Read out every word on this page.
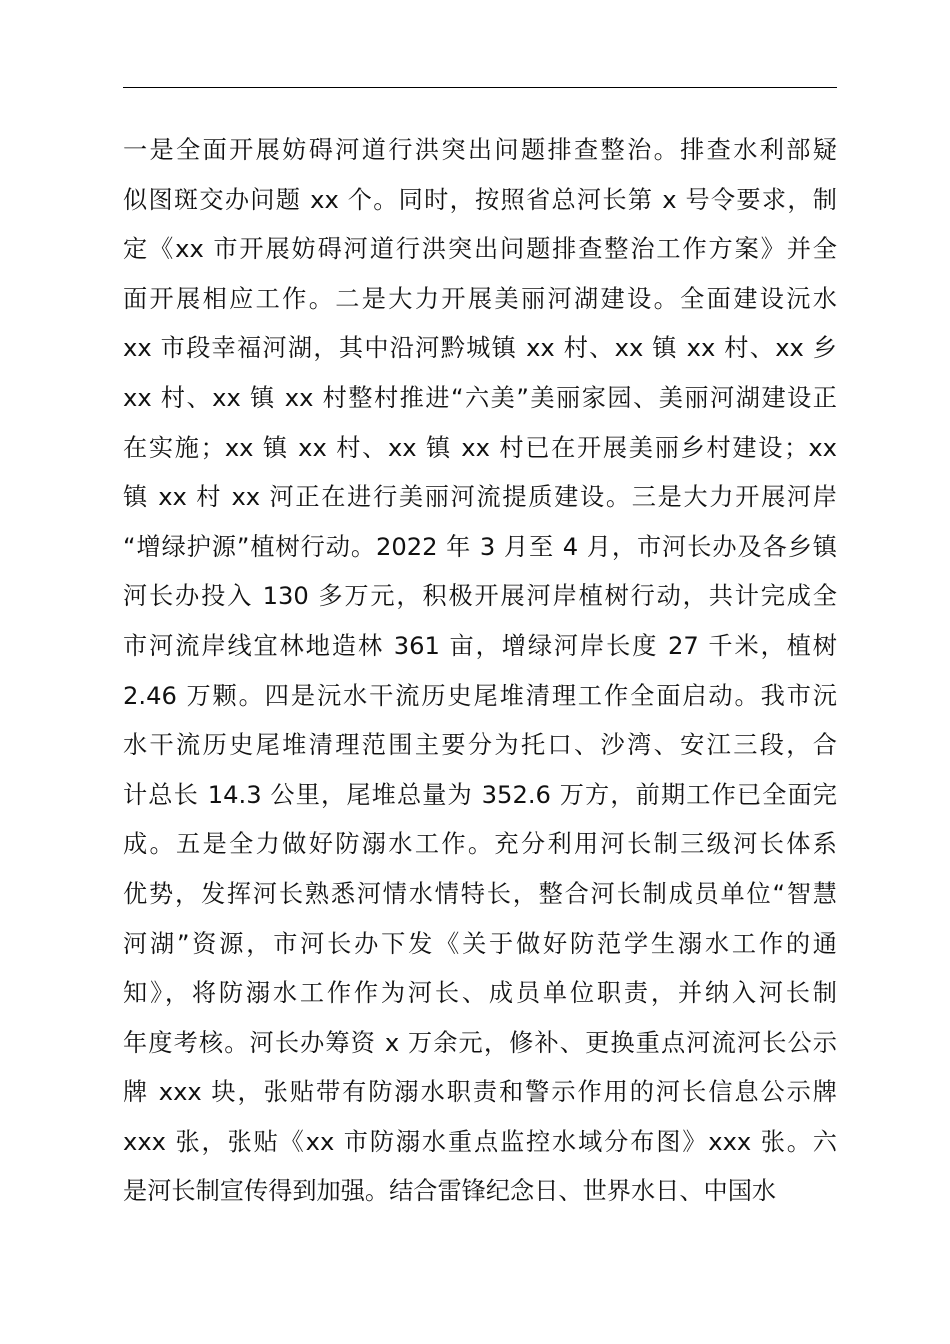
一是全面开展妨碍河道行洪突出问题排查整治。排查水利部疑
似图斑交办问题 xx 个。同时，按照省总河长第 x 号令要求，制
定《xx 市开展妨碍河道行洪突出问题排查整治工作方案》并全
面开展相应工作。二是大力开展美丽河湖建设。全面建设沅水
xx 市段幸福河湖，其中沿河黔城镇 xx 村、xx 镇 xx 村、xx 乡
xx 村、xx 镇 xx 村整村推进“六美”美丽家园、美丽河湖建设正
在实施；xx 镇 xx 村、xx 镇 xx 村已在开展美丽乡村建设；xx
镇 xx 村 xx 河正在进行美丽河流提质建设。三是大力开展河岸
“增绿护源”植树行动。2022 年 3 月至 4 月，市河长办及各乡镇
河长办投入 130 多万元，积极开展河岸植树行动，共计完成全
市河流岸线宜林地造林 361 亩，增绿河岸长度 27 千米，植树
2.46 万颗。四是沅水干流历史尾堆清理工作全面启动。我市沅
水干流历史尾堆清理范围主要分为托口、沙湾、安江三段，合
计总长 14.3 公里，尾堆总量为 352.6 万方，前期工作已全面完
成。五是全力做好防溺水工作。充分利用河长制三级河长体系
优势，发挥河长熟悉河情水情特长，整合河长制成员单位“智慧
河湖”资源，市河长办下发《关于做好防范学生溺水工作的通
知》，将防溺水工作作为河长、成员单位职责，并纳入河长制
年度考核。河长办筹资 x 万余元，修补、更换重点河流河长公示
牌 xxx 块，张贴带有防溺水职责和警示作用的河长信息公示牌
xxx 张，张贴《xx 市防溺水重点监控水域分布图》xxx 张。六
是河长制宣传得到加强。结合雷锋纪念日、世界水日、中国水
